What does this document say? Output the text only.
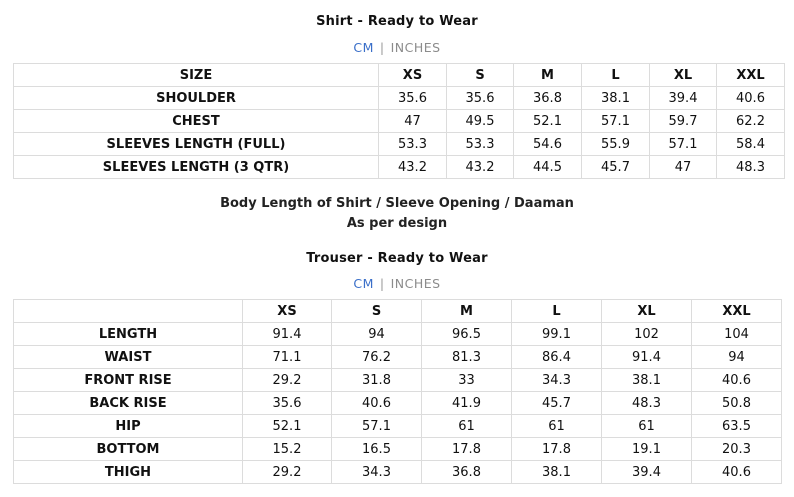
Shirt - Ready to Wear
CM | INCHES
SIZE	XS	S	M	L	XL	XXL
SHOULDER	35.6	35.6	36.8	38.1	39.4	40.6
CHEST	47	49.5	52.1	57.1	59.7	62.2
SLEEVES LENGTH (FULL)	53.3	53.3	54.6	55.9	57.1	58.4
SLEEVES LENGTH (3 QTR)	43.2	43.2	44.5	45.7	47	48.3
Body Length of Shirt / Sleeve Opening / Daaman
As per design
Trouser - Ready to Wear
CM | INCHES
	XS	S	M	L	XL	XXL
LENGTH	91.4	94	96.5	99.1	102	104
WAIST	71.1	76.2	81.3	86.4	91.4	94
FRONT RISE	29.2	31.8	33	34.3	38.1	40.6
BACK RISE	35.6	40.6	41.9	45.7	48.3	50.8
HIP	52.1	57.1	61	61	61	63.5
BOTTOM	15.2	16.5	17.8	17.8	19.1	20.3
THIGH	29.2	34.3	36.8	38.1	39.4	40.6
